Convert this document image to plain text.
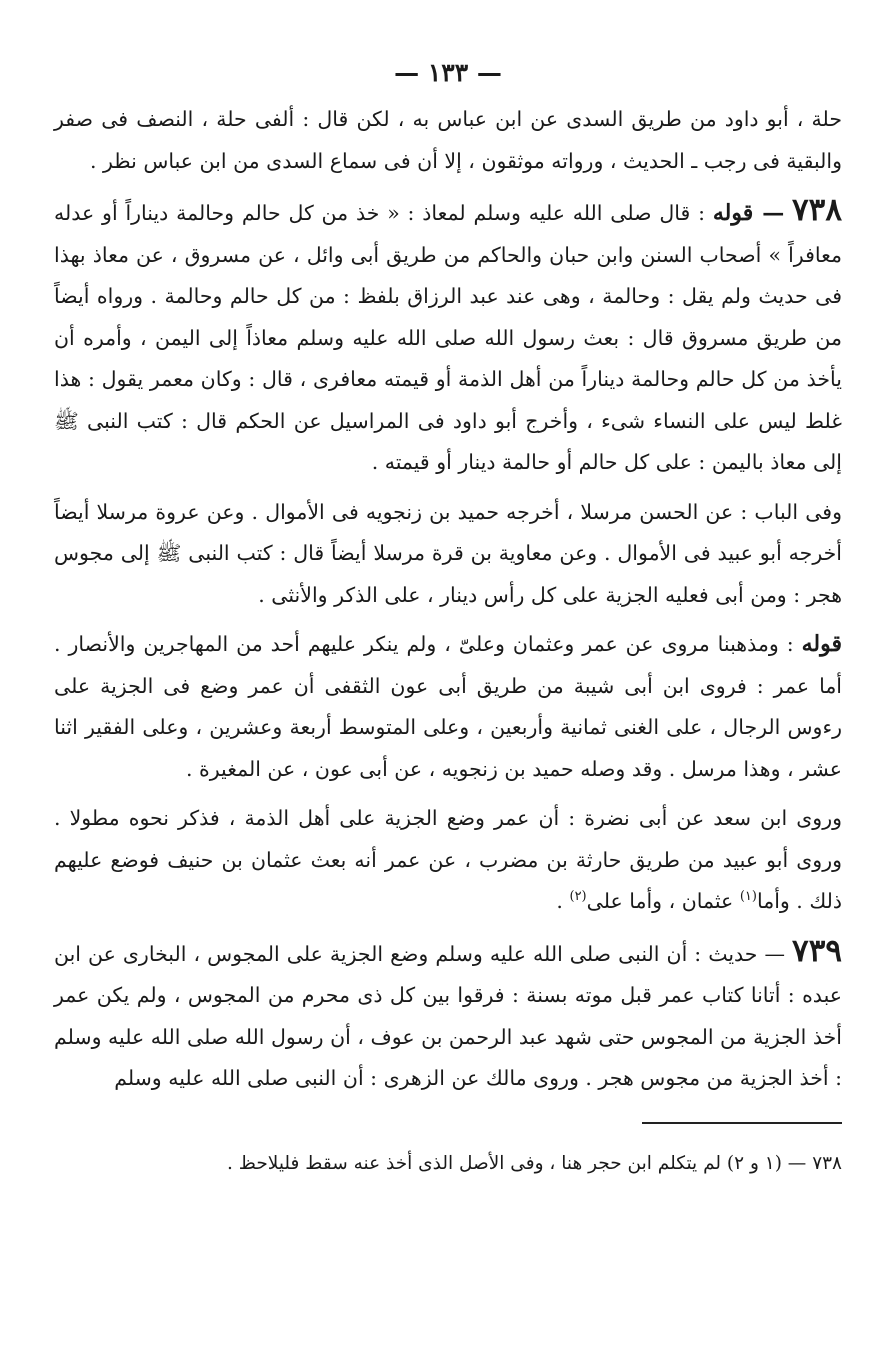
— ١٣٣ —

حلة ، أبو داود من طريق السدى عن ابن عباس به ، لكن قال : ألفى حلة ، النصف فى صفر والبقية فى رجب ـ الحديث ، ورواته موثقون ، إلا أن فى سماع السدى من ابن عباس نظر .

٧٣٨ — قوله : قال صلى الله عليه وسلم لمعاذ : « خذ من كل حالم وحالمة ديناراً أو عدله معافراً » أصحاب السنن وابن حبان والحاكم من طريق أبى وائل ، عن مسروق ، عن معاذ بهذا فى حديث ولم يقل : وحالمة ، وهى عند عبد الرزاق بلفظ : من كل حالم وحالمة . ورواه أيضاً من طريق مسروق قال : بعث رسول الله صلى الله عليه وسلم معاذاً إلى اليمن ، وأمره أن يأخذ من كل حالم وحالمة ديناراً من أهل الذمة أو قيمته معافرى ، قال : وكان معمر يقول : هذا غلط ليس على النساء شىء ، وأخرج أبو داود فى المراسيل عن الحكم قال : كتب النبى ﷺ إلى معاذ باليمن : على كل حالم أو حالمة دينار أو قيمته .

وفى الباب : عن الحسن مرسلا ، أخرجه حميد بن زنجويه فى الأموال . وعن عروة مرسلا أيضاً أخرجه أبو عبيد فى الأموال . وعن معاوية بن قرة مرسلا أيضاً قال : كتب النبى ﷺ إلى مجوس هجر : ومن أبى فعليه الجزية على كل رأس دينار ، على الذكر والأنثى .

قوله : ومذهبنا مروى عن عمر وعثمان وعلىّ ، ولم ينكر عليهم أحد من المهاجرين والأنصار . أما عمر : فروى ابن أبى شيبة من طريق أبى عون الثقفى أن عمر وضع فى الجزية على رءوس الرجال ، على الغنى ثمانية وأربعين ، وعلى المتوسط أربعة وعشرين ، وعلى الفقير اثنا عشر ، وهذا مرسل . وقد وصله حميد بن زنجويه ، عن أبى عون ، عن المغيرة .

وروى ابن سعد عن أبى نضرة : أن عمر وضع الجزية على أهل الذمة ، فذكر نحوه مطولا . وروى أبو عبيد من طريق حارثة بن مضرب ، عن عمر أنه بعث عثمان بن حنيف فوضع عليهم ذلك . وأما$^{(١)}$ عثمان ، وأما على$^{(٢)}$ .

٧٣٩ — حديث : أن النبى صلى الله عليه وسلم وضع الجزية على المجوس ، البخارى عن ابن عبده : أتانا كتاب عمر قبل موته بسنة : فرقوا بين كل ذى محرم من المجوس ، ولم يكن عمر أخذ الجزية من المجوس حتى شهد عبد الرحمن بن عوف ، أن رسول الله صلى الله عليه وسلم : أخذ الجزية من مجوس هجر . وروى مالك عن الزهرى : أن النبى صلى الله عليه وسلم

٧٣٨ — (١ و ٢) لم يتكلم ابن حجر هنا ، وفى الأصل الذى أخذ عنه سقط فليلاحظ .
